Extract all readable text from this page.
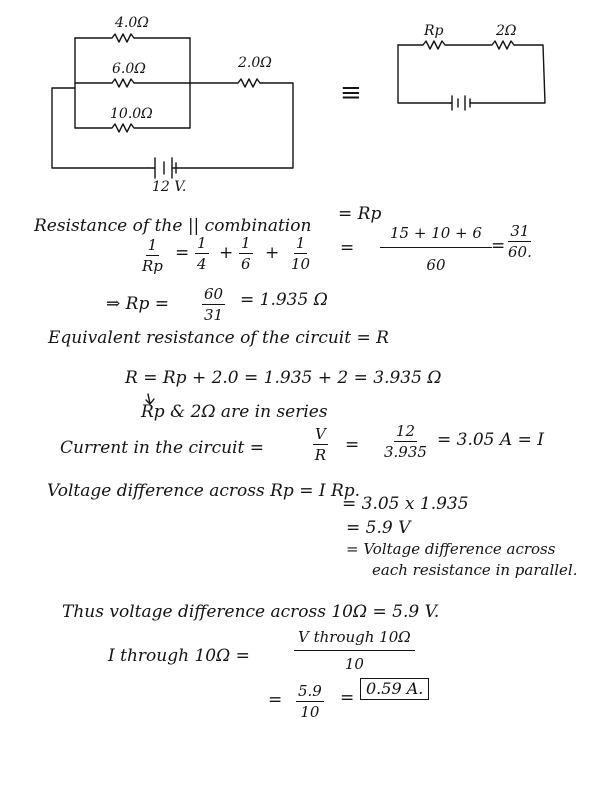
4.0Ω
6.0Ω
10.0Ω
2.0Ω
12 V.
≡
Rp	2Ω
Resistance of the || combination
= Rp
$\frac{1}{Rp} = \frac{1}{4} + \frac{1}{6} + \frac{1}{10} = \frac{15 + 10 + 6}{60} = \frac{31}{60.}$
⇒ $Rp = \frac{60}{31} = 1.935$ Ω
Equivalent resistance of the circuit = R
R = Rp + 2.0 = 1.935 + 2 = 3.935 Ω
Rp & 2Ω are in series
Current in the circuit =	$\frac{V}{R} = \frac{12}{3.935} = 3.05$ A = I
Voltage difference across Rp = I Rp.
= 3.05 x 1.935
= 5.9 V
= Voltage difference across
each resistance in parallel.
Thus voltage difference across 10Ω = 5.9 V.
I through 10Ω =
V through 10Ω
10
= $\frac{5.9}{10} = 0.59$ A.
